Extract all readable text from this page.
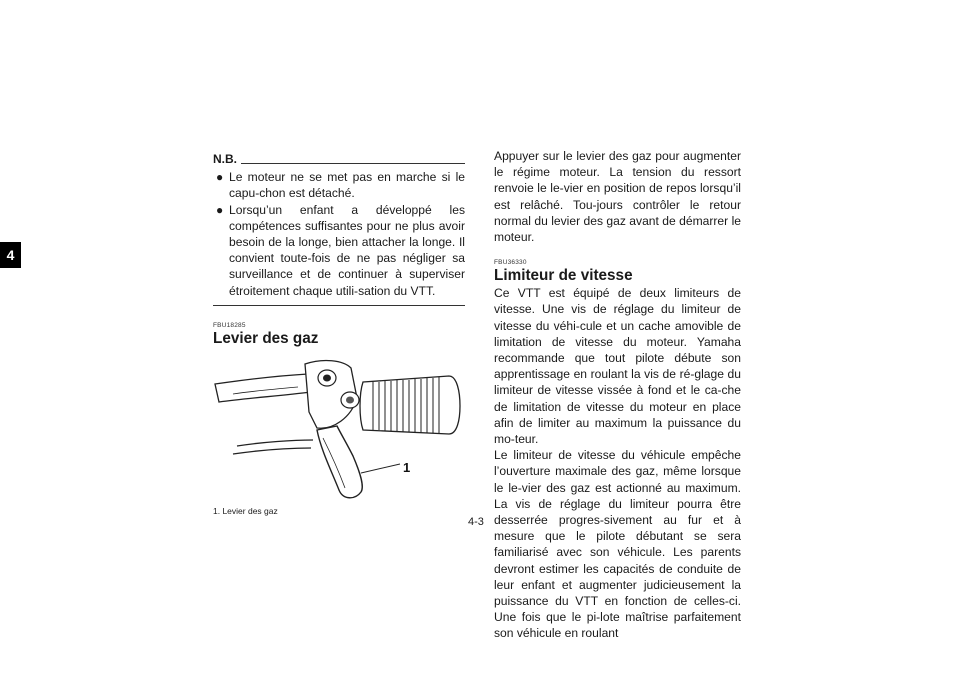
4
N.B.
● Le moteur ne se met pas en marche si le capu-chon est détaché.
● Lorsqu’un enfant a développé les compétences suffisantes pour ne plus avoir besoin de la longe, bien attacher la longe. Il convient toute-fois de ne pas négliger sa surveillance et de continuer à superviser étroitement chaque utili-sation du VTT.

FBU18285

Levier des gaz
1
1. Levier des gaz

Appuyer sur le levier des gaz pour augmenter le régime moteur. La tension du ressort renvoie le le-vier en position de repos lorsqu’il est relâché. Tou-jours contrôler le retour normal du levier des gaz avant de démarrer le moteur.

FBU36330

Limiteur de vitesse

Ce VTT est équipé de deux limiteurs de vitesse. Une vis de réglage du limiteur de vitesse du véhi-cule et un cache amovible de limitation de vitesse du moteur. Yamaha recommande que tout pilote débute son apprentissage en roulant la vis de ré-glage du limiteur de vitesse vissée à fond et le ca-che de limitation de vitesse du moteur en place afin de limiter au maximum la puissance du mo-teur.

Le limiteur de vitesse du véhicule empêche l’ouverture maximale des gaz, même lorsque le le-vier des gaz est actionné au maximum. La vis de réglage du limiteur pourra être desserrée progres-sivement au fur et à mesure que le pilote débutant se sera familiarisé avec son véhicule. Les parents devront estimer les capacités de conduite de leur enfant et augmenter judicieusement la puissance du VTT en fonction de celles-ci. Une fois que le pi-lote maîtrise parfaitement son véhicule en roulant

4-3
